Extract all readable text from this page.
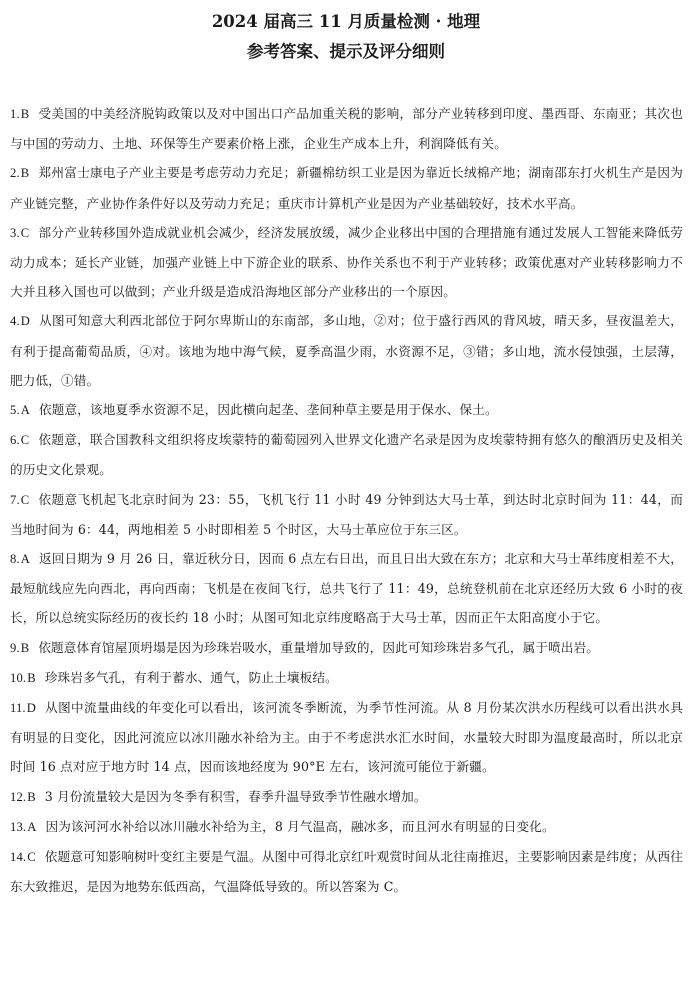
2024 届高三 11 月质量检测 · 地理
参考答案、提示及评分细则

1.B 受美国的中美经济脱钩政策以及对中国出口产品加重关税的影响，部分产业转移到印度、墨西哥、东南亚；其次也与中国的劳动力、土地、环保等生产要素价格上涨，企业生产成本上升，利润降低有关。

2.B 郑州富士康电子产业主要是考虑劳动力充足；新疆棉纺织工业是因为靠近长绒棉产地；湖南邵东打火机生产是因为产业链完整，产业协作条件好以及劳动力充足；重庆市计算机产业是因为产业基础较好，技术水平高。

3.C 部分产业转移国外造成就业机会减少，经济发展放缓，减少企业移出中国的合理措施有通过发展人工智能来降低劳动力成本；延长产业链，加强产业链上中下游企业的联系、协作关系也不利于产业转移；政策优惠对产业转移影响力不大并且移入国也可以做到；产业升级是造成沿海地区部分产业移出的一个原因。

4.D 从图可知意大利西北部位于阿尔卑斯山的东南部，多山地，②对；位于盛行西风的背风坡，晴天多，昼夜温差大，有利于提高葡萄品质，④对。该地为地中海气候，夏季高温少雨，水资源不足，③错；多山地，流水侵蚀强，土层薄，肥力低，①错。

5.A 依题意，该地夏季水资源不足，因此横向起垄、垄间种草主要是用于保水、保土。

6.C 依题意，联合国教科文组织将皮埃蒙特的葡萄园列入世界文化遗产名录是因为皮埃蒙特拥有悠久的酿酒历史及相关的历史文化景观。

7.C 依题意飞机起飞北京时间为 23：55，飞机飞行 11 小时 49 分钟到达大马士革，到达时北京时间为 11：44，而当地时间为 6：44，两地相差 5 小时即相差 5 个时区，大马士革应位于东三区。

8.A 返回日期为 9 月 26 日，靠近秋分日，因而 6 点左右日出，而且日出大致在东方；北京和大马士革纬度相差不大，最短航线应先向西北，再向西南；飞机是在夜间飞行，总共飞行了 11：49，总统登机前在北京还经历大致 6 小时的夜长，所以总统实际经历的夜长约 18 小时；从图可知北京纬度略高于大马士革，因而正午太阳高度小于它。

9.B 依题意体育馆屋顶坍塌是因为珍珠岩吸水，重量增加导致的，因此可知珍珠岩多气孔，属于喷出岩。

10.B 珍珠岩多气孔，有利于蓄水、通气，防止土壤板结。

11.D 从图中流量曲线的年变化可以看出，该河流冬季断流，为季节性河流。从 8 月份某次洪水历程线可以看出洪水具有明显的日变化，因此河流应以冰川融水补给为主。由于不考虑洪水汇水时间，水量较大时即为温度最高时，所以北京时间 16 点对应于地方时 14 点，因而该地经度为 90°E 左右，该河流可能位于新疆。

12.B 3 月份流量较大是因为冬季有积雪，春季升温导致季节性融水增加。

13.A 因为该河河水补给以冰川融水补给为主，8 月气温高，融冰多，而且河水有明显的日变化。

14.C 依题意可知影响树叶变红主要是气温。从图中可得北京红叶观赏时间从北往南推迟，主要影响因素是纬度；从西往东大致推迟，是因为地势东低西高，气温降低导致的。所以答案为 C。
